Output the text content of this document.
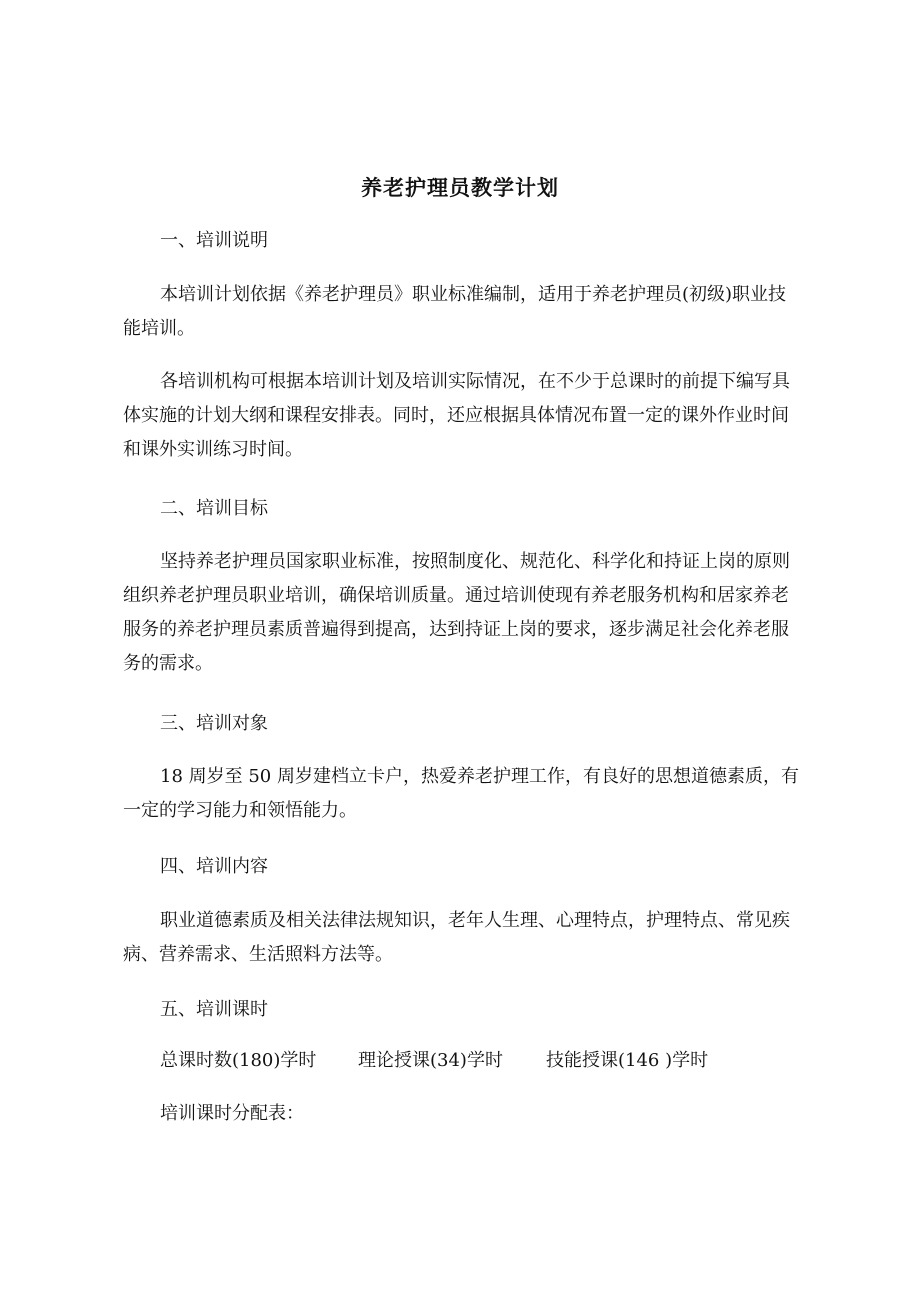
养老护理员教学计划
一、培训说明
本培训计划依据《养老护理员》职业标准编制，适用于养老护理员(初级)职业技
能培训。
各培训机构可根据本培训计划及培训实际情况，在不少于总课时的前提下编写具
体实施的计划大纲和课程安排表。同时，还应根据具体情况布置一定的课外作业时间
和课外实训练习时间。
二、培训目标
坚持养老护理员国家职业标准，按照制度化、规范化、科学化和持证上岗的原则
组织养老护理员职业培训，确保培训质量。通过培训使现有养老服务机构和居家养老
服务的养老护理员素质普遍得到提高，达到持证上岗的要求，逐步满足社会化养老服
务的需求。
三、培训对象
18 周岁至 50 周岁建档立卡户，热爱养老护理工作，有良好的思想道德素质，有
一定的学习能力和领悟能力。
四、培训内容
职业道德素质及相关法律法规知识，老年人生理、心理特点，护理特点、常见疾
病、营养需求、生活照料方法等。
五、培训课时
总课时数(180)学时 理论授课(34)学时 技能授课(146 )学时
培训课时分配表：
